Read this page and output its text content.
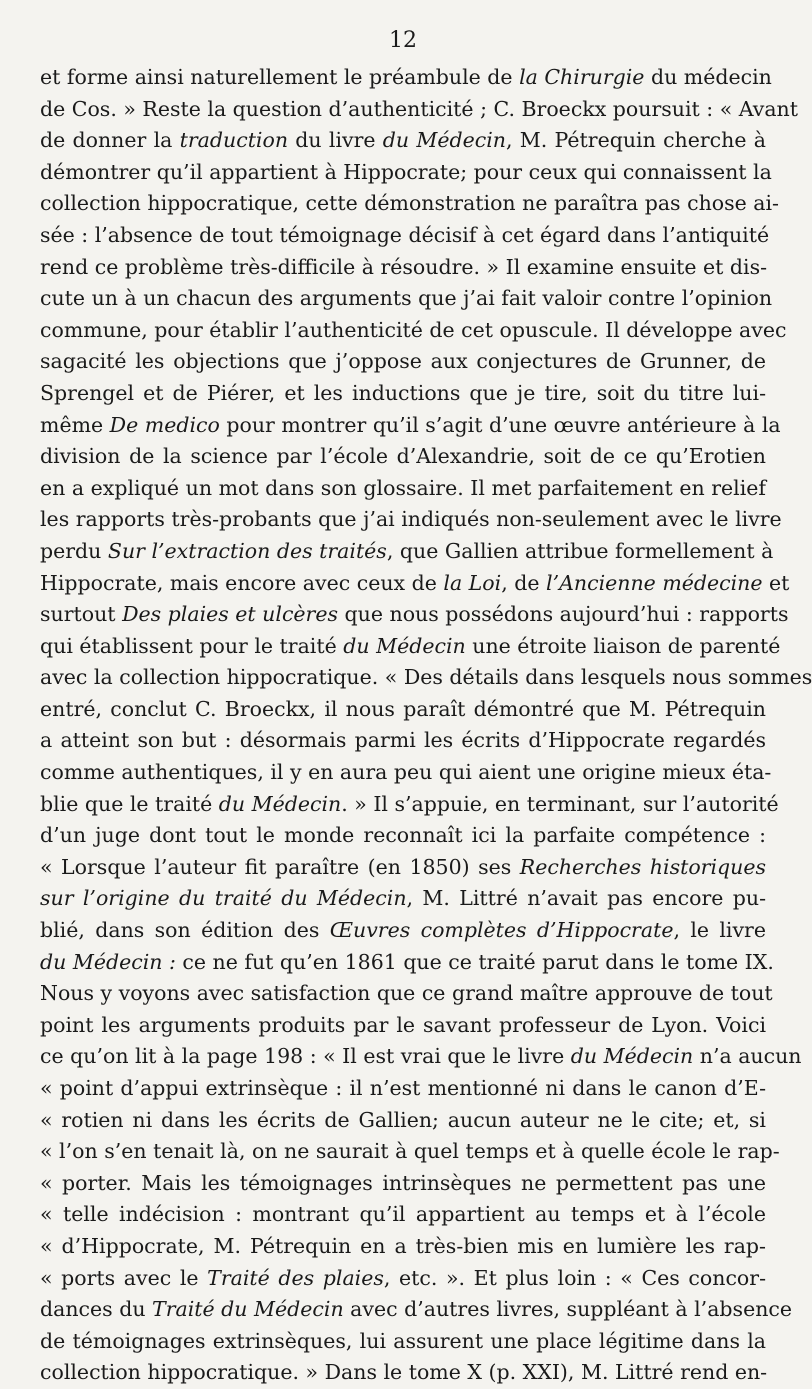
12
et forme ainsi naturellement le préambule de la Chirurgie du médecin
de Cos. » Reste la question d’authenticité ; C. Broeckx poursuit : « Avant
de donner la traduction du livre du Médecin, M. Pétrequin cherche à
démontrer qu’il appartient à Hippocrate; pour ceux qui connaissent la
collection hippocratique, cette démonstration ne paraîtra pas chose ai-
sée : l’absence de tout témoignage décisif à cet égard dans l’antiquité
rend ce problème très-difficile à résoudre. » Il examine ensuite et dis-
cute un à un chacun des arguments que j’ai fait valoir contre l’opinion
commune, pour établir l’authenticité de cet opuscule. Il développe avec
sagacité les objections que j’oppose aux conjectures de Grunner, de
Sprengel et de Piérer, et les inductions que je tire, soit du titre lui-
même De medico pour montrer qu’il s’agit d’une œuvre antérieure à la
division de la science par l’école d’Alexandrie, soit de ce qu’Erotien
en a expliqué un mot dans son glossaire. Il met parfaitement en relief
les rapports très-probants que j’ai indiqués non-seulement avec le livre
perdu Sur l’extraction des traités, que Gallien attribue formellement à
Hippocrate, mais encore avec ceux de la Loi, de l’Ancienne médecine et
surtout Des plaies et ulcères que nous possédons aujourd’hui : rapports
qui établissent pour le traité du Médecin une étroite liaison de parenté
avec la collection hippocratique. « Des détails dans lesquels nous sommes
entré, conclut C. Broeckx, il nous paraît démontré que M. Pétrequin
a atteint son but : désormais parmi les écrits d’Hippocrate regardés
comme authentiques, il y en aura peu qui aient une origine mieux éta-
blie que le traité du Médecin. » Il s’appuie, en terminant, sur l’autorité
d’un juge dont tout le monde reconnaît ici la parfaite compétence :
« Lorsque l’auteur fit paraître (en 1850) ses Recherches historiques
sur l’origine du traité du Médecin, M. Littré n’avait pas encore pu-
blié, dans son édition des Œuvres complètes d’Hippocrate, le livre
du Médecin : ce ne fut qu’en 1861 que ce traité parut dans le tome IX.
Nous y voyons avec satisfaction que ce grand maître approuve de tout
point les arguments produits par le savant professeur de Lyon. Voici
ce qu’on lit à la page 198 : « Il est vrai que le livre du Médecin n’a aucun
« point d’appui extrinsèque : il n’est mentionné ni dans le canon d’E-
« rotien ni dans les écrits de Gallien; aucun auteur ne le cite; et, si
« l’on s’en tenait là, on ne saurait à quel temps et à quelle école le rap-
« porter. Mais les témoignages intrinsèques ne permettent pas une
« telle indécision : montrant qu’il appartient au temps et à l’école
« d’Hippocrate, M. Pétrequin en a très-bien mis en lumière les rap-
« ports avec le Traité des plaies, etc. ». Et plus loin : « Ces concor-
dances du Traité du Médecin avec d’autres livres, suppléant à l’absence
de témoignages extrinsèques, lui assurent une place légitime dans la
collection hippocratique. » Dans le tome X (p. XXI), M. Littré rend en-
